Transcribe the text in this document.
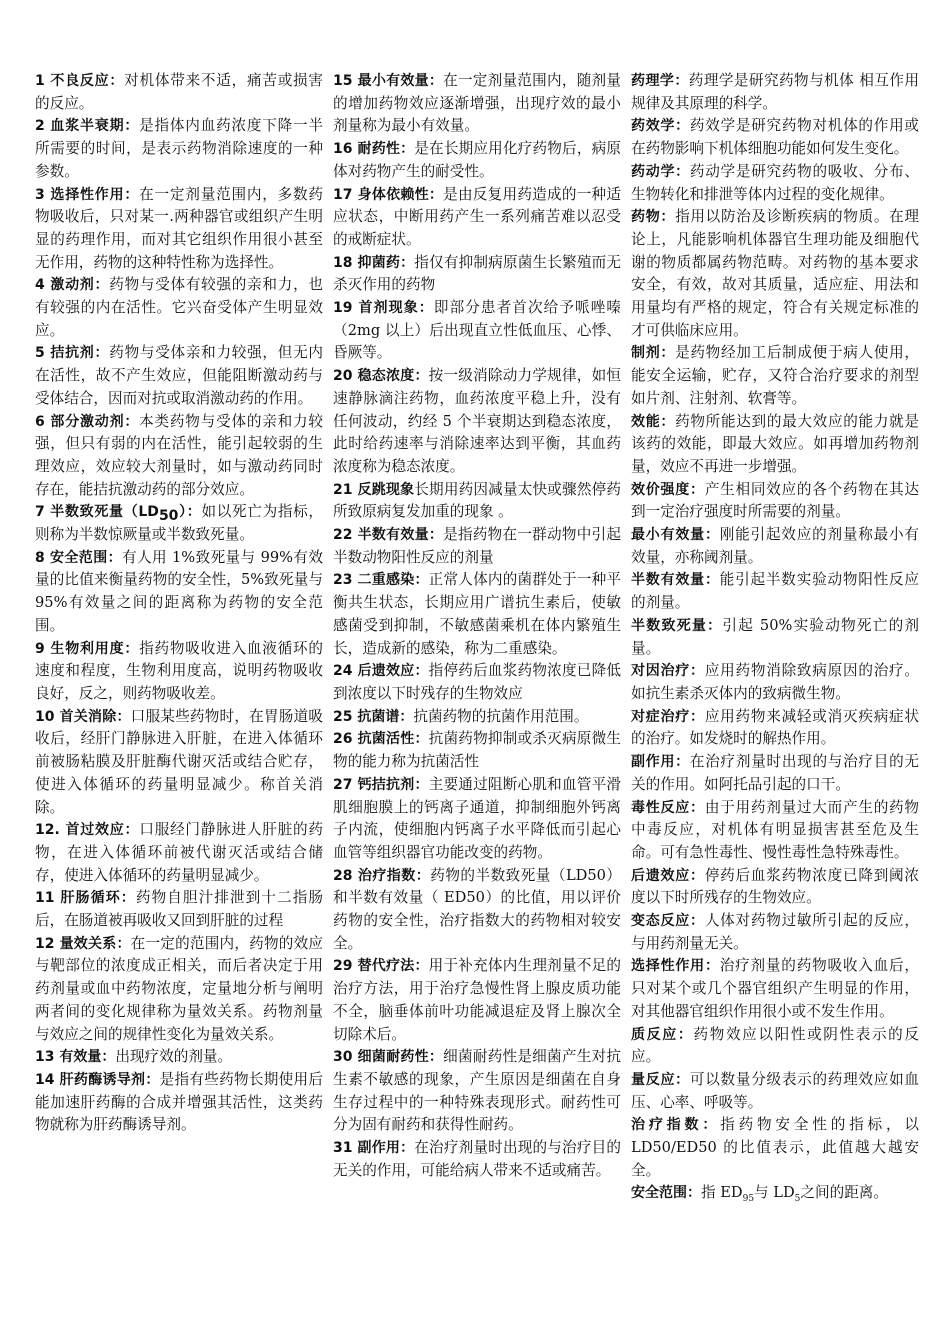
1 不良反应：对机体带来不适，痛苦或损害的反应。

2 血浆半衰期：是指体内血药浓度下降一半所需要的时间，是表示药物消除速度的一种参数。

3 选择性作用：在一定剂量范围内，多数药物吸收后，只对某一.两种器官或组织产生明显的药理作用，而对其它组织作用很小甚至无作用，药物的这种特性称为选择性。

4 激动剂：药物与受体有较强的亲和力，也有较强的内在活性。它兴奋受体产生明显效应。

5 拮抗剂：药物与受体亲和力较强，但无内在活性，故不产生效应，但能阻断激动药与受体结合，因而对抗或取消激动药的作用。

6 部分激动剂：本类药物与受体的亲和力较强，但只有弱的内在活性，能引起较弱的生理效应，效应较大剂量时，如与激动药同时存在，能拮抗激动药的部分效应。

7 半数致死量$(LD_{50})$：如以死亡为指标，则称为半数惊厥量或半数致死量。

8 安全范围：有人用 1%致死量与 99%有效量的比值来衡量药物的安全性，5%致死量与 95%有效量之间的距离称为药物的安全范围。

9 生物利用度：指药物吸收进入血液循环的速度和程度，生物利用度高，说明药物吸收良好，反之，则药物吸收差。

10 首关消除：口服某些药物时，在胃肠道吸收后，经肝门静脉进入肝脏，在进入体循环前被肠粘膜及肝脏酶代谢灭活或结合贮存，使进入体循环的药量明显减少。称首关消除。

12. 首过效应：口服经门静脉进人肝脏的药物，在进入体循环前被代谢灭活或结合储存，使进入体循环的药量明显减少。

11 肝肠循环：药物自胆汁排泄到十二指肠后，在肠道被再吸收又回到肝脏的过程

12 量效关系：在一定的范围内，药物的效应与靶部位的浓度成正相关，而后者决定于用药剂量或血中药物浓度，定量地分析与阐明两者间的变化规律称为量效关系。药物剂量与效应之间的规律性变化为量效关系。

13 有效量：出现疗效的剂量。

14 肝药酶诱导剂：是指有些药物长期使用后能加速肝药酶的合成并增强其活性，这类药物就称为肝药酶诱导剂。

15 最小有效量：在一定剂量范围内，随剂量的增加药物效应逐渐增强，出现疗效的最小剂量称为最小有效量。

16 耐药性：是在长期应用化疗药物后，病原体对药物产生的耐受性。

17 身体依赖性：是由反复用药造成的一种适应状态，中断用药产生一系列痛苦难以忍受的戒断症状。

18 抑菌药：指仅有抑制病原菌生长繁殖而无杀灭作用的药物

19 首剂现象：即部分患者首次给予哌唑嗪（2mg 以上）后出现直立性低血压、心悸、昏厥等。

20 稳态浓度：按一级消除动力学规律，如恒速静脉滴注药物，血药浓度平稳上升，没有任何波动，约经 5 个半衰期达到稳态浓度，此时给药速率与消除速率达到平衡，其血药浓度称为稳态浓度。

21 反跳现象长期用药因减量太快或骤然停药所致原病复发加重的现象 。

22 半数有效量：是指药物在一群动物中引起半数动物阳性反应的剂量

23 二重感染：正常人体内的菌群处于一种平衡共生状态，长期应用广谱抗生素后，使敏感菌受到抑制，不敏感菌乘机在体内繁殖生长，造成新的感染，称为二重感染。

24 后遗效应：指停药后血浆药物浓度已降低到浓度以下时残存的生物效应

25 抗菌谱：抗菌药物的抗菌作用范围。

26 抗菌活性：抗菌药物抑制或杀灭病原微生物的能力称为抗菌活性

27 钙拮抗剂：主要通过阻断心肌和血管平滑肌细胞膜上的钙离子通道，抑制细胞外钙离子内流，使细胞内钙离子水平降低而引起心血管等组织器官功能改变的药物。

28 治疗指数：药物的半数致死量（LD50）和半数有效量（ ED50）的比值，用以评价药物的安全性，治疗指数大的药物相对较安全。

29 替代疗法：用于补充体内生理剂量不足的治疗方法，用于治疗急慢性肾上腺皮质功能不全，脑垂体前叶功能减退症及肾上腺次全切除术后。

30 细菌耐药性：细菌耐药性是细菌产生对抗生素不敏感的现象，产生原因是细菌在自身生存过程中的一种特殊表现形式。耐药性可分为固有耐药和获得性耐药。

31 副作用：在治疗剂量时出现的与治疗目的无关的作用，可能给病人带来不适或痛苦。

药理学：药理学是研究药物与机体 相互作用规律及其原理的科学。

药效学：药效学是研究药物对机体的作用或在药物影响下机体细胞功能如何发生变化。

药动学：药动学是研究药物的吸收、分布、生物转化和排泄等体内过程的变化规律。

药物：指用以防治及诊断疾病的物质。在理论上，凡能影响机体器官生理功能及细胞代谢的物质都属药物范畴。对药物的基本要求安全，有效，故对其质量，适应症、用法和用量均有严格的规定，符合有关规定标准的才可供临床应用。

制剂：是药物经加工后制成便于病人使用，能安全运输，贮存，又符合治疗要求的剂型如片剂、注射剂、软膏等。

效能：药物所能达到的最大效应的能力就是该药的效能，即最大效应。如再增加药物剂量，效应不再进一步增强。

效价强度：产生相同效应的各个药物在其达到一定治疗强度时所需要的剂量。

最小有效量：刚能引起效应的剂量称最小有效量，亦称阈剂量。

半数有效量：能引起半数实验动物阳性反应的剂量。

半数致死量：引起 50%实验动物死亡的剂量。

对因治疗：应用药物消除致病原因的治疗。如抗生素杀灭体内的致病微生物。

对症治疗：应用药物来减轻或消灭疾病症状的治疗。如发烧时的解热作用。

副作用：在治疗剂量时出现的与治疗目的无关的作用。如阿托品引起的口干。

毒性反应：由于用药剂量过大而产生的药物中毒反应，对机体有明显损害甚至危及生命。可有急性毒性、慢性毒性急特殊毒性。

后遗效应：停药后血浆药物浓度已降到阈浓度以下时所残存的生物效应。

变态反应：人体对药物过敏所引起的反应，与用药剂量无关。

选择性作用：治疗剂量的药物吸收入血后，只对某个或几个器官组织产生明显的作用，对其他器官组织作用很小或不发生作用。

质反应：药物效应以阳性或阴性表示的反应。

量反应：可以数量分级表示的药理效应如血压、心率、呼吸等。

治疗指数：指药物安全性的指标，以 LD50/ED50 的比值表示，此值越大越安全。

安全范围：指 $ED_{95}$与 $LD_5$之间的距离。
